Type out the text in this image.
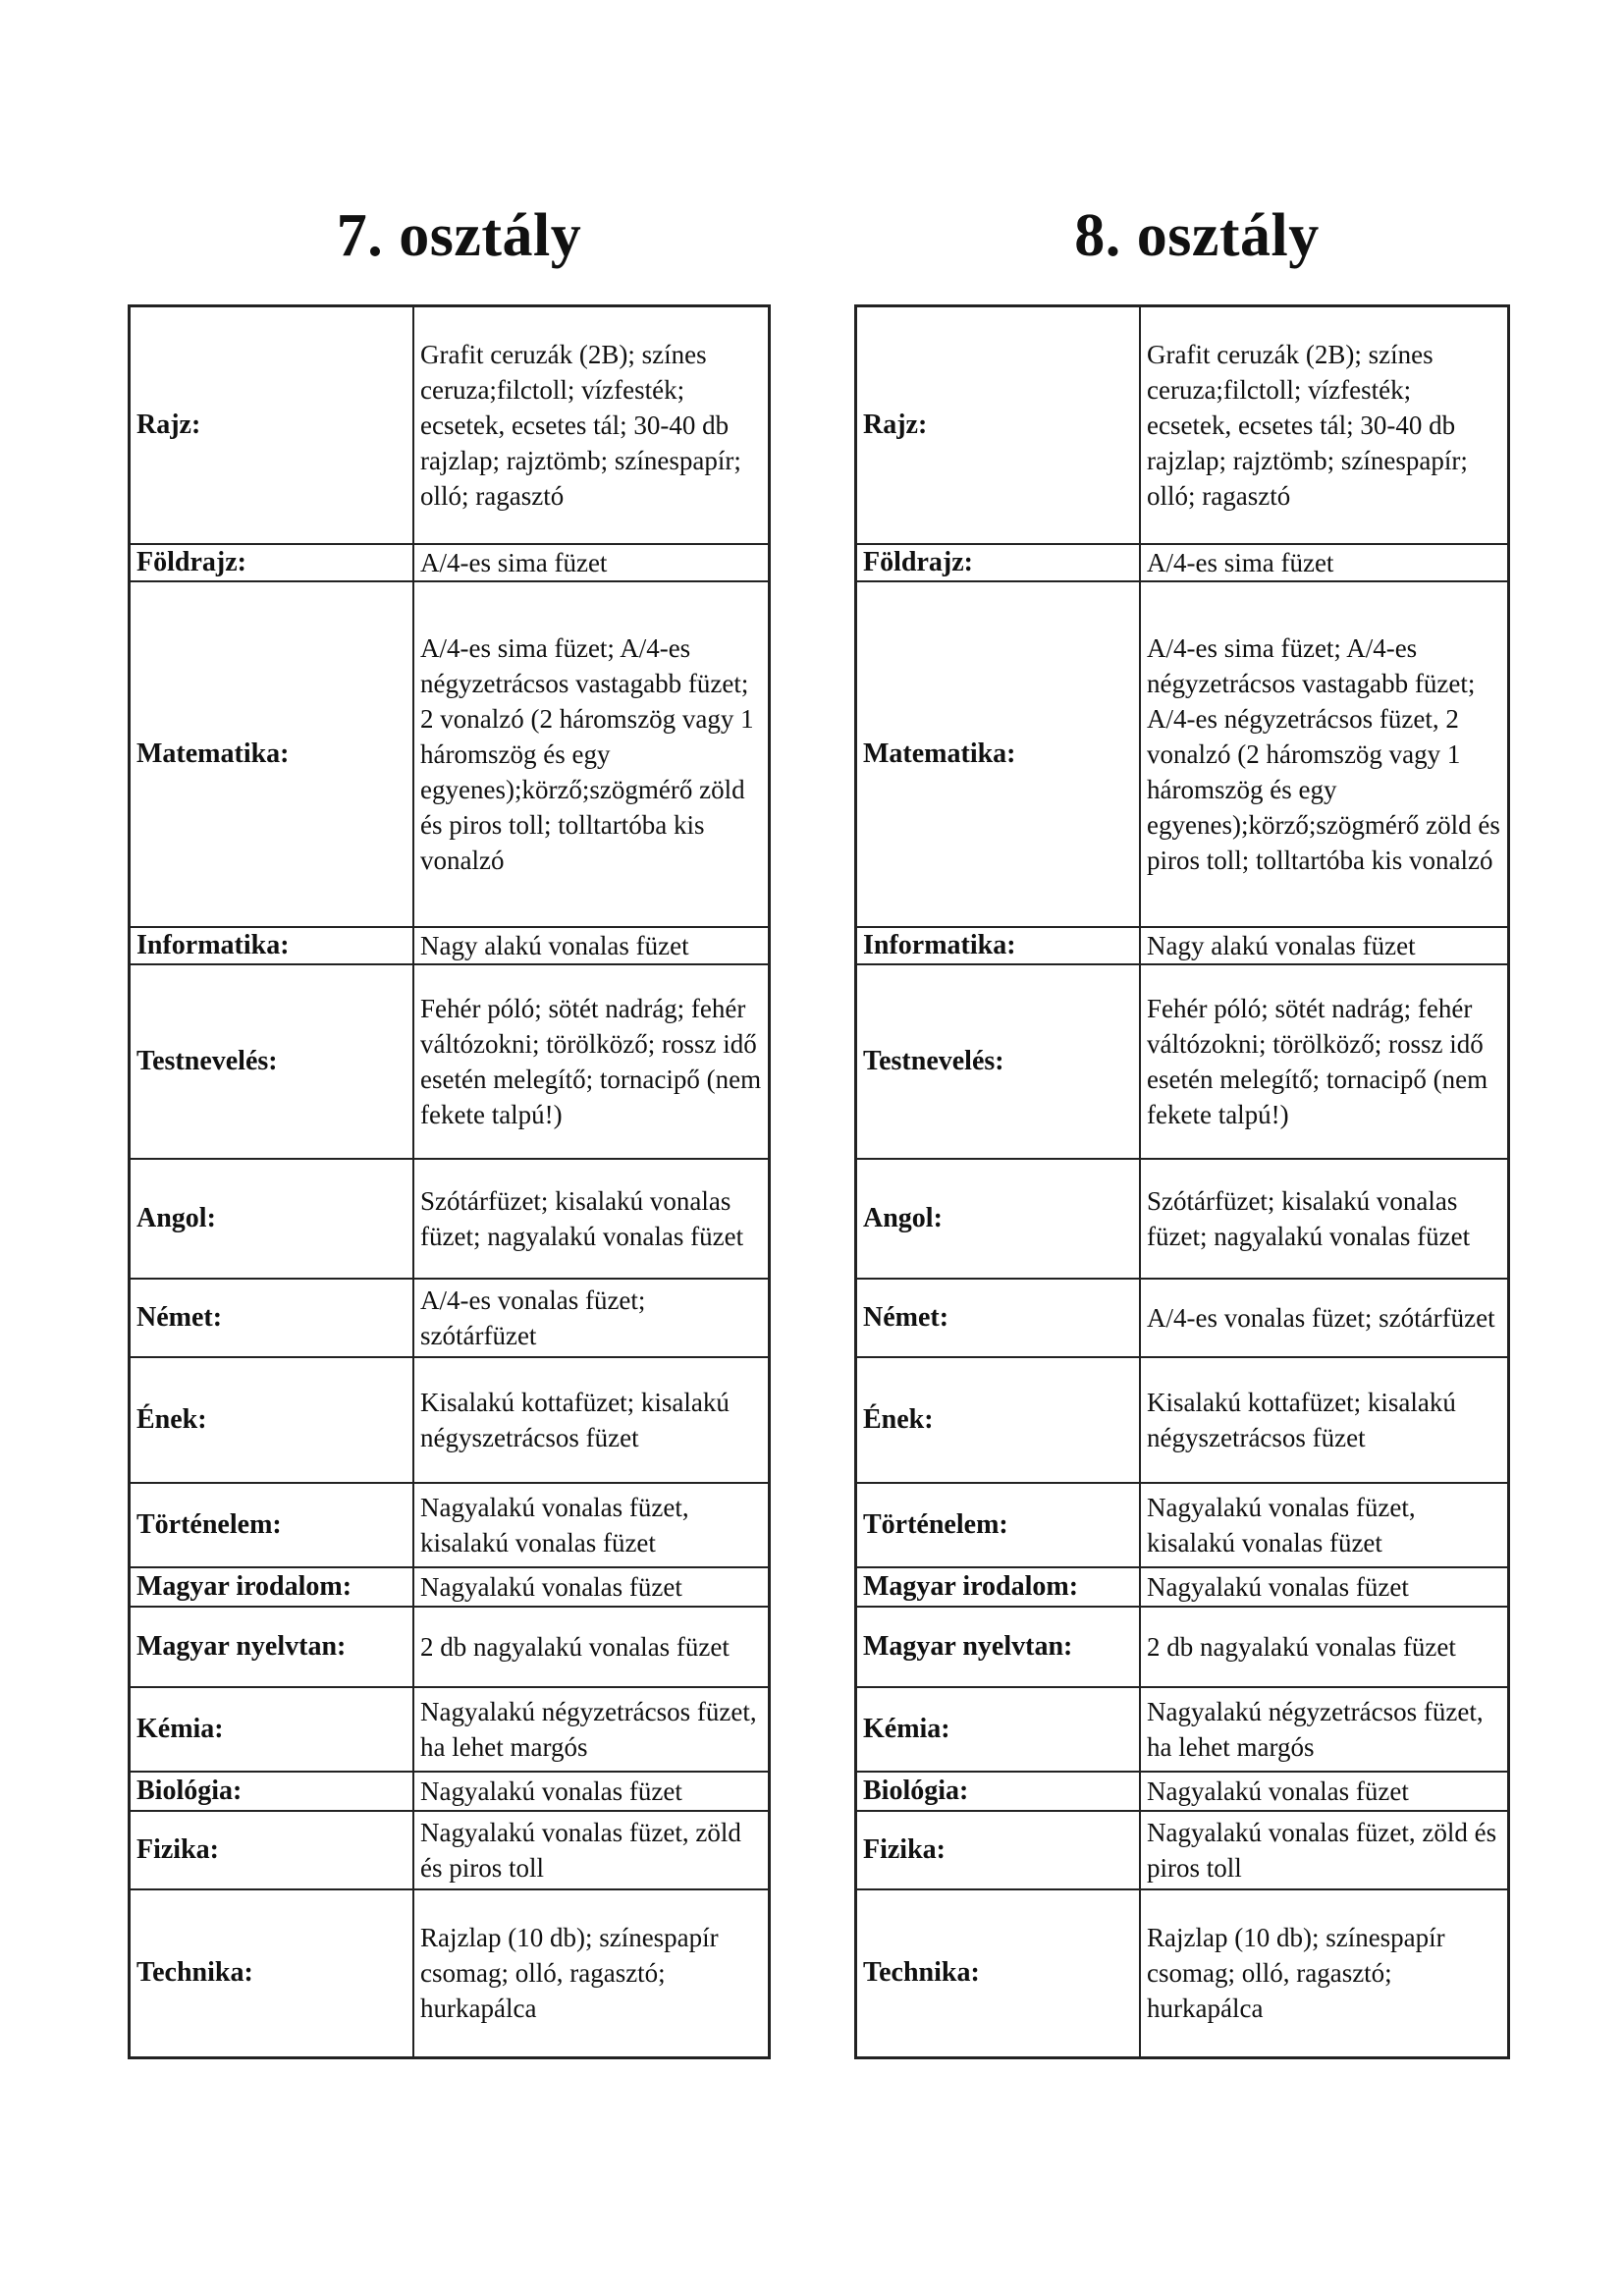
7. osztály
Rajz:	Grafit ceruzák (2B); színes ceruza;filctoll; vízfesték; ecsetek, ecsetes tál; 30-40 db rajzlap; rajztömb; színespapír; olló; ragasztó
Földrajz:	A/4-es sima füzet
Matematika:	A/4-es sima füzet; A/4-es négyzetrácsos vastagabb füzet; 2 vonalzó (2 háromszög vagy 1 háromszög és egy egyenes);körző;szögmérő zöld és piros toll; tolltartóba kis vonalzó
Informatika:	Nagy alakú vonalas füzet
Testnevelés:	Fehér póló; sötét nadrág; fehér váltózokni; törölköző; rossz idő esetén melegítő; tornacipő (nem fekete talpú!)
Angol:	Szótárfüzet; kisalakú vonalas füzet; nagyalakú vonalas füzet
Német:	A/4-es vonalas füzet; szótárfüzet
Ének:	Kisalakú kottafüzet; kisalakú négyszetrácsos füzet
Történelem:	Nagyalakú vonalas füzet, kisalakú vonalas füzet
Magyar irodalom:	Nagyalakú vonalas füzet
Magyar nyelvtan:	2 db nagyalakú vonalas füzet
Kémia:	Nagyalakú négyzetrácsos füzet, ha lehet margós
Biológia:	Nagyalakú vonalas füzet
Fizika:	Nagyalakú vonalas füzet, zöld és piros toll
Technika:	Rajzlap (10 db); színespapír csomag; olló, ragasztó; hurkapálca
8. osztály
Rajz:	Grafit ceruzák (2B); színes ceruza;filctoll; vízfesték; ecsetek, ecsetes tál; 30-40 db rajzlap; rajztömb; színespapír; olló; ragasztó
Földrajz:	A/4-es sima füzet
Matematika:	A/4-es sima füzet; A/4-es négyzetrácsos vastagabb füzet; A/4-es négyzetrácsos füzet, 2 vonalzó (2 háromszög vagy 1 háromszög és egy egyenes);körző;szögmérő zöld és piros toll; tolltartóba kis vonalzó
Informatika:	Nagy alakú vonalas füzet
Testnevelés:	Fehér póló; sötét nadrág; fehér váltózokni; törölköző; rossz idő esetén melegítő; tornacipő (nem fekete talpú!)
Angol:	Szótárfüzet; kisalakú vonalas füzet; nagyalakú vonalas füzet
Német:	A/4-es vonalas füzet; szótárfüzet
Ének:	Kisalakú kottafüzet; kisalakú négyszetrácsos füzet
Történelem:	Nagyalakú vonalas füzet, kisalakú vonalas füzet
Magyar irodalom:	Nagyalakú vonalas füzet
Magyar nyelvtan:	2 db nagyalakú vonalas füzet
Kémia:	Nagyalakú négyzetrácsos füzet, ha lehet margós
Biológia:	Nagyalakú vonalas füzet
Fizika:	Nagyalakú vonalas füzet, zöld és piros toll
Technika:	Rajzlap (10 db); színespapír csomag; olló, ragasztó; hurkapálca
